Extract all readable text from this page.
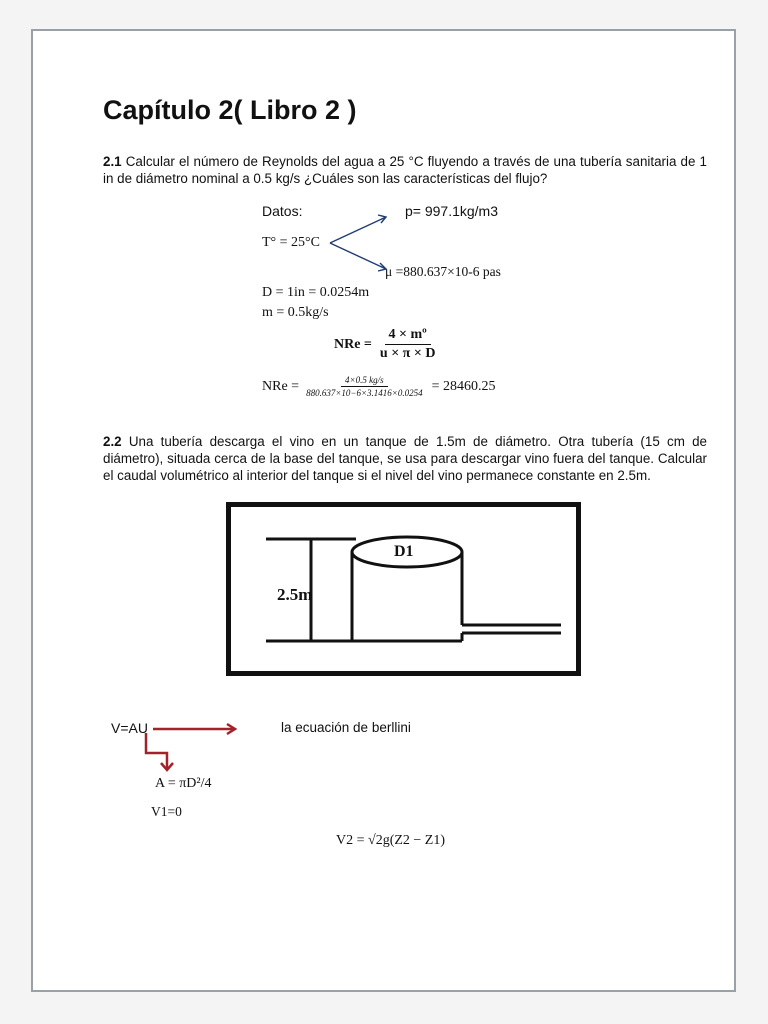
Capítulo 2( Libro 2 )
2.1 Calcular el número de Reynolds del agua a 25 °C fluyendo a través de una tubería sanitaria de 1 in de diámetro nominal a 0.5 kg/s ¿Cuáles son las características del flujo?
Datos:	p= 997.1kg/m3
T° = 25°C
μ =880.637×10-6 pas
D = 1in = 0.0254m
m = 0.5kg/s
NRe = $\frac{\text{4 × mº}}{u \times \pi \times D}$
NRe = $\frac{4\times 0.5 kg/s}{880.637\times 10-6\times 3.1416\times 0.0254} = 28460.25$
2.2 Una tubería descarga el vino en un tanque de 1.5m de diámetro. Otra tubería (15 cm de diámetro), situada cerca de la base del tanque, se usa para descargar vino fuera del tanque. Calcular el caudal volumétrico al interior del tanque si el nivel del vino permanece constante en 2.5m.
2.5m
D1
V=AU	la ecuación de berllini
A = πD²/4
V1=0
V2 = √2g(Z2 − Z1)
